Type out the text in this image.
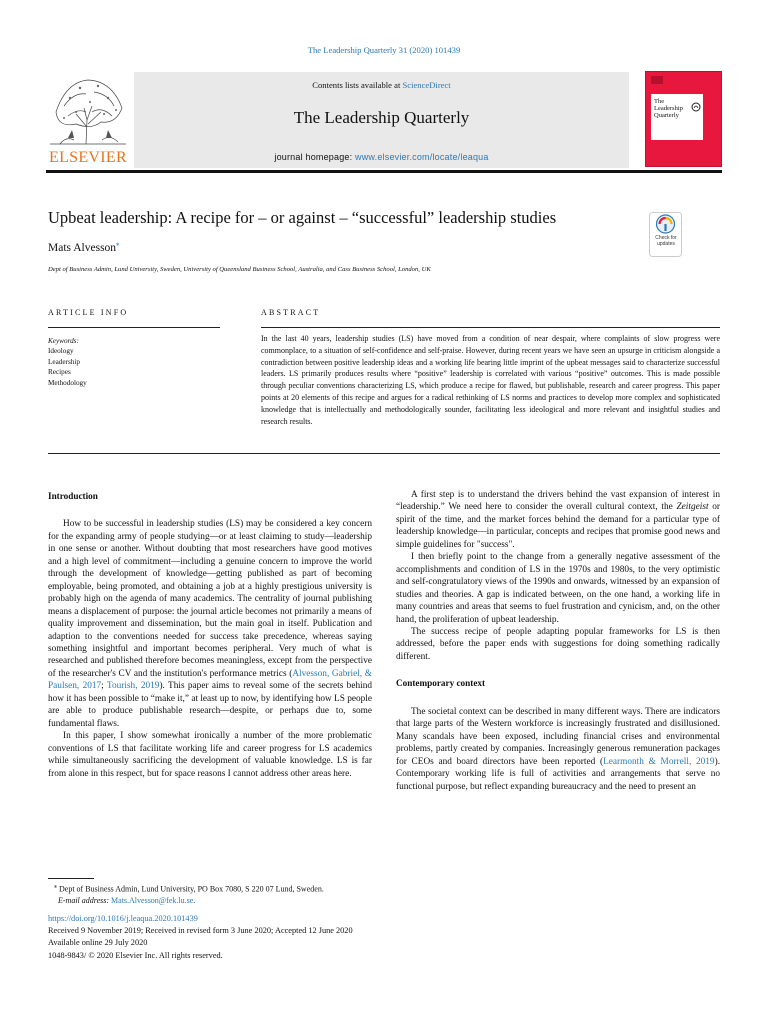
The Leadership Quarterly 31 (2020) 101439
ELSEVIER
Contents lists available at ScienceDirect
The Leadership Quarterly
journal homepage: www.elsevier.com/locate/leaqua
The
Leadership
Quarterly
Upbeat leadership: A recipe for – or against – “successful” leadership studies
Mats Alvesson⁎
Dept of Business Admin, Lund University, Sweden, University of Queensland Business School, Australia, and Cass Business School, London, UK
Check for
updates
ARTICLE INFO	ABSTRACT
Keywords:
Ideology
Leadership
Recipes
Methodology
In the last 40 years, leadership studies (LS) have moved from a condition of near despair, where complaints of slow progress were commonplace, to a situation of self-confidence and self-praise. However, during recent years we have seen an upsurge in criticism alongside a contradiction between positive leadership ideas and a working life bearing little imprint of the upbeat messages said to characterize successful leaders. LS primarily produces results where “positive” leadership is correlated with various “positive” outcomes. This is made possible through peculiar conventions characterizing LS, which produce a recipe for flawed, but publishable, research and career progress. This paper points at 20 elements of this recipe and argues for a radical rethinking of LS norms and practices to develop more complex and sophisticated knowledge that is intellectually and methodologically sounder, facilitating less ideological and more relevant and insightful studies and research results.
Introduction

How to be successful in leadership studies (LS) may be considered a key concern for the expanding army of people studying—or at least claiming to study—leadership in one sense or another. Without doubting that most researchers have good motives and a high level of commitment—including a genuine concern to improve the world through the development of knowledge—getting published as part of becoming employable, being promoted, and obtaining a job at a highly prestigious university is probably high on the agenda of many academics. The centrality of journal publishing means a displacement of purpose: the journal article becomes not primarily a means of quality improvement and dissemination, but the main goal in itself. Publication and adaption to the conventions needed for success take precedence, whereas saying something insightful and important becomes peripheral. Very much of what is researched and published therefore becomes meaningless, except from the perspective of the researcher's CV and the institution's performance metrics (Alvesson, Gabriel, & Paulsen, 2017; Tourish, 2019). This paper aims to reveal some of the secrets behind how it has been possible to “make it,” at least up to now, by identifying how LS people are able to produce publishable research—despite, or perhaps due to, some fundamental flaws.

In this paper, I show somewhat ironically a number of the more problematic conventions of LS that facilitate working life and career progress for LS academics while simultaneously sacrificing the development of valuable knowledge. LS is far from alone in this respect, but for space reasons I cannot address other areas here.

A first step is to understand the drivers behind the vast expansion of interest in “leadership.” We need here to consider the overall cultural context, the Zeitgeist or spirit of the time, and the market forces behind the demand for a particular type of leadership knowledge—in particular, concepts and recipes that promise good news and simple guidelines for "success".

I then briefly point to the change from a generally negative assessment of the accomplishments and condition of LS in the 1970s and 1980s, to the very optimistic and self-congratulatory views of the 1990s and onwards, witnessed by an expansion of studies and theories. A gap is indicated between, on the one hand, a working life in many countries and areas that seems to fuel frustration and cynicism, and, on the other hand, the proliferation of upbeat leadership.

The success recipe of people adapting popular frameworks for LS is then addressed, before the paper ends with suggestions for doing something radically different.

Contemporary context

The societal context can be described in many different ways. There are indicators that large parts of the Western workforce is increasingly frustrated and disillusioned. Many scandals have been exposed, including financial crises and environmental problems, partly created by companies. Increasingly generous remuneration packages for CEOs and board directors have been reported (Learmonth & Morrell, 2019). Contemporary working life is full of activities and arrangements that serve no functional purpose, but reflect expanding bureaucracy and the need to present an

⁎ Dept of Business Admin, Lund University, PO Box 7080, S 220 07 Lund, Sweden.
E-mail address: Mats.Alvesson@fek.lu.se.
https://doi.org/10.1016/j.leaqua.2020.101439
Received 9 November 2019; Received in revised form 3 June 2020; Accepted 12 June 2020
Available online 29 July 2020
1048-9843/ © 2020 Elsevier Inc. All rights reserved.
